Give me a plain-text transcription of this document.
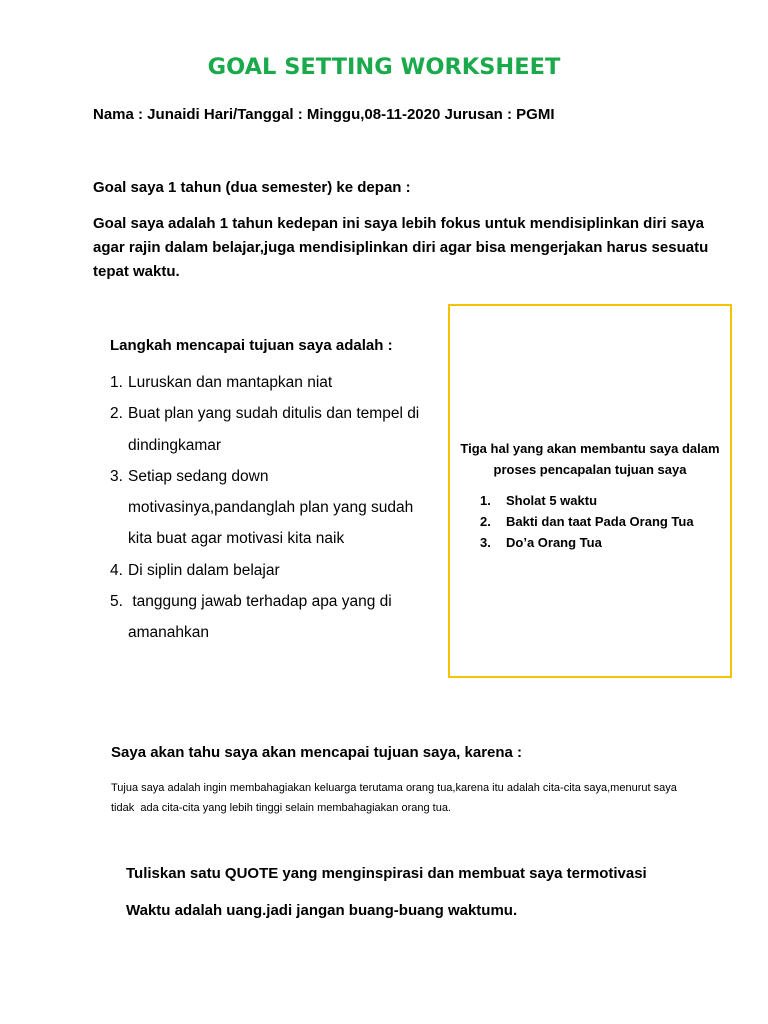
GOAL SETTING WORKSHEET
Nama : Junaidi Hari/Tanggal : Minggu,08-11-2020 Jurusan : PGMI
Goal saya 1 tahun (dua semester) ke depan :
Goal saya adalah 1 tahun kedepan ini saya lebih fokus untuk mendisiplinkan diri saya agar rajin dalam belajar,juga mendisiplinkan diri agar bisa mengerjakan harus sesuatu tepat waktu.
Langkah mencapai tujuan saya adalah :
1. Luruskan dan mantapkan niat
2. Buat plan yang sudah ditulis dan tempel di dindingkamar
3. Setiap sedang down motivasinya,pandanglah plan yang sudah kita buat agar motivasi kita naik
4. Di siplin dalam belajar
5. tanggung jawab terhadap apa yang di amanahkan
Tiga hal yang akan membantu saya dalam proses pencapalan tujuan saya
1. Sholat 5 waktu
2. Bakti dan taat Pada Orang Tua
3. Do’a Orang Tua
Saya akan tahu saya akan mencapai tujuan saya, karena :
Tujua saya adalah ingin membahagiakan keluarga terutama orang tua,karena itu adalah cita-cita saya,menurut saya tidak  ada cita-cita yang lebih tinggi selain membahagiakan orang tua.
Tuliskan satu QUOTE yang menginspirasi dan membuat saya termotivasi
Waktu adalah uang.jadi jangan buang-buang waktumu.
